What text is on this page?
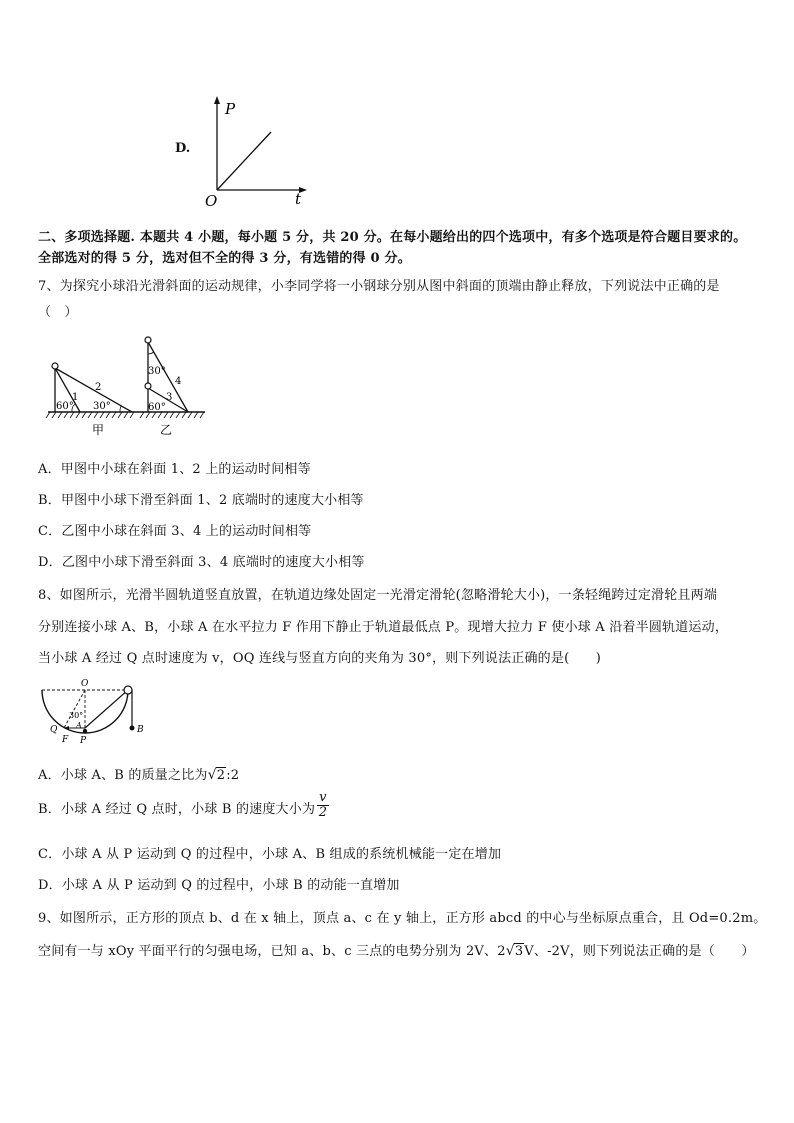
D.
P
t
O
二、多项选择题. 本题共 4 小题，每小题 5 分，共 20 分。在每小题给出的四个选项中，有多个选项是符合题目要求的。
全部选对的得 5 分，选对但不全的得 3 分，有选错的得 0 分。
7、为探究小球沿光滑斜面的运动规律，小李同学将一小钢球分别从图中斜面的顶端由静止释放，下列说法中正确的是
（　）
60° 30°
1
2
甲
30°
60°
3
4
乙
A．甲图中小球在斜面 1、2 上的运动时间相等
B．甲图中小球下滑至斜面 1、2 底端时的速度大小相等
C．乙图中小球在斜面 3、4 上的运动时间相等
D．乙图中小球下滑至斜面 3、4 底端时的速度大小相等
8、如图所示，光滑半圆轨道竖直放置，在轨道边缘处固定一光滑定滑轮(忽略滑轮大小)，一条轻绳跨过定滑轮且两端
分别连接小球 A、B，小球 A 在水平拉力 F 作用下静止于轨道最低点 P。现增大拉力 F 使小球 A 沿着半圆轨道运动，
当小球 A 经过 Q 点时速度为 v，OQ 连线与竖直方向的夹角为 30°，则下列说法正确的是(　　)
O
B
Q
F P
A
30°
A．小球 A、B 的质量之比为√2:2
B．小球 A 经过 Q 点时，小球 B 的速度大小为 $\frac{v}{2}$
C．小球 A 从 P 运动到 Q 的过程中，小球 A、B 组成的系统机械能一定在增加
D．小球 A 从 P 运动到 Q 的过程中，小球 B 的动能一直增加
9、如图所示，正方形的顶点 b、d 在 x 轴上，顶点 a、c 在 y 轴上，正方形 abcd 的中心与坐标原点重合，且 Od=0.2m。
空间有一与 xOy 平面平行的匀强电场，已知 a、b、c 三点的电势分别为 2V、2√3V、-2V，则下列说法正确的是（　　）
